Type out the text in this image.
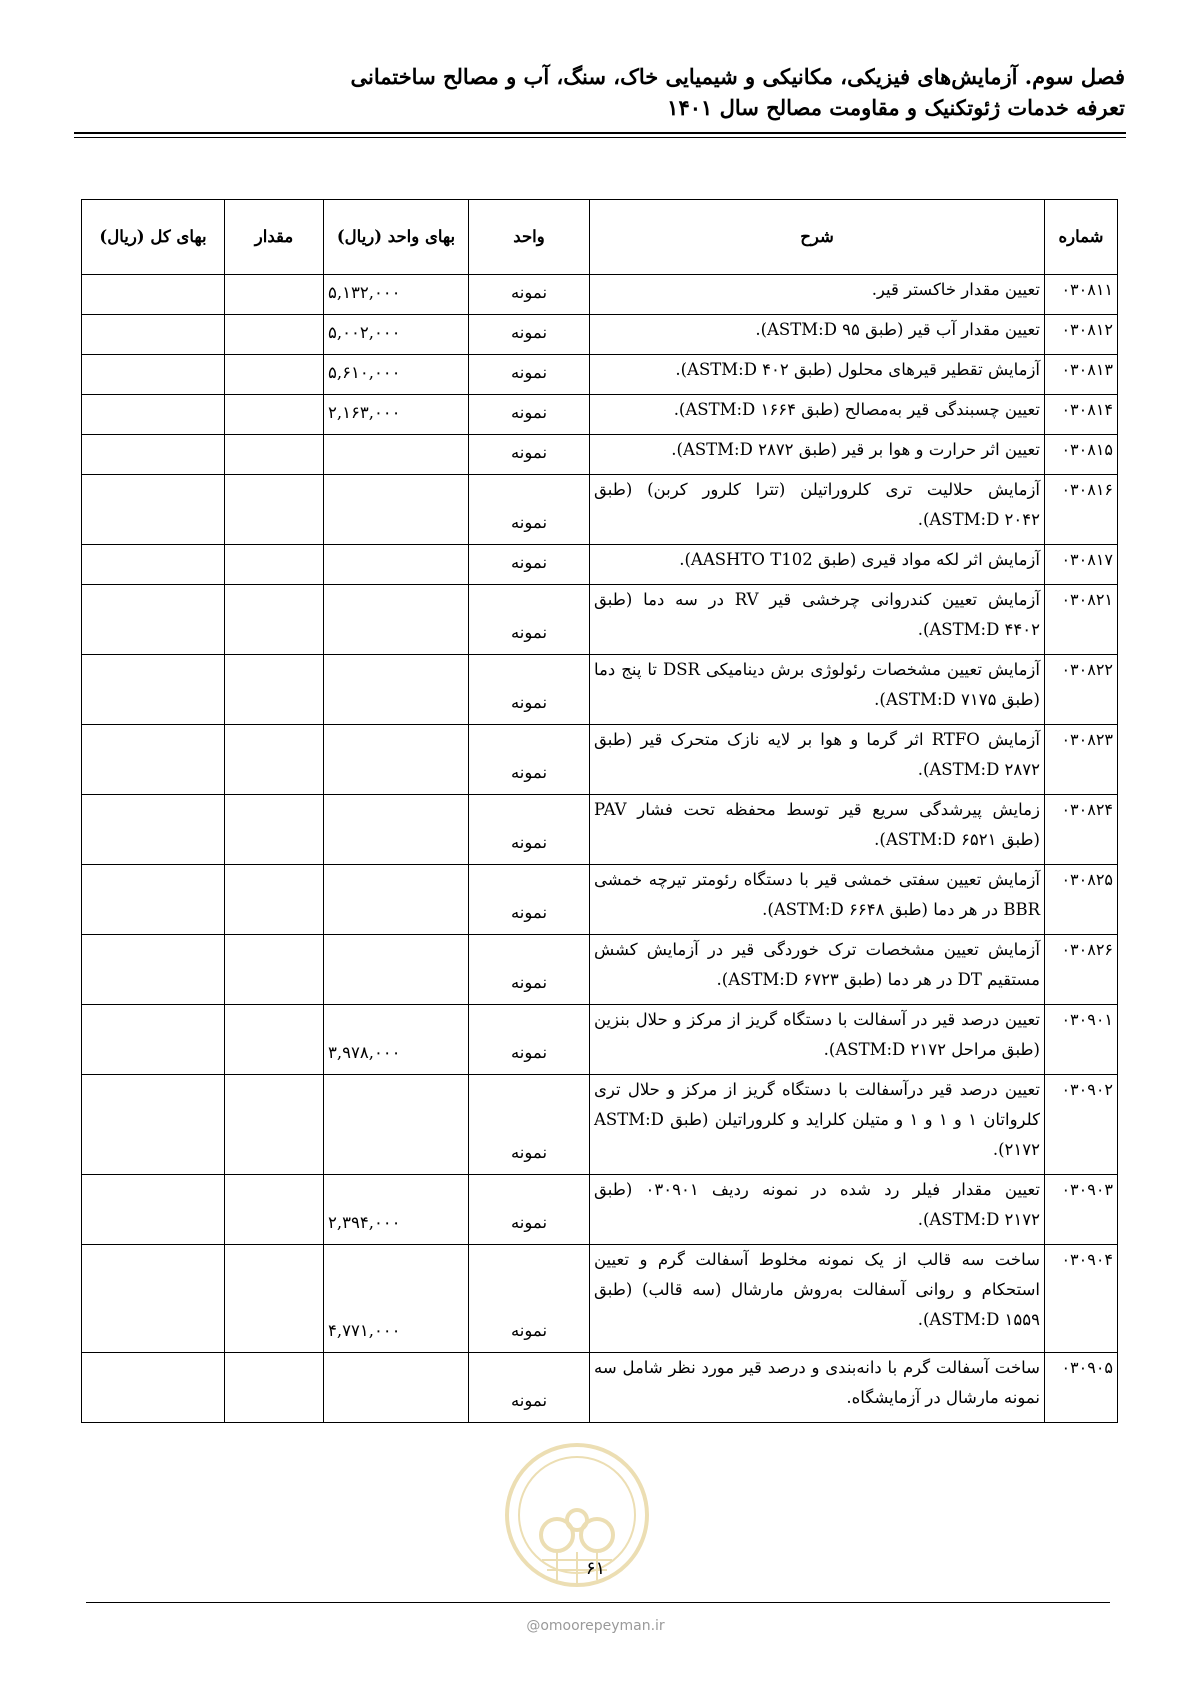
فصل سوم. آزمایش‌های فیزیکی، مکانیکی و شیمیایی خاک، سنگ، آب و مصالح ساختمانی
تعرفه خدمات ژئوتکنیک و مقاومت مصالح سال ۱۴۰۱
شماره	شرح	واحد	بهای واحد (ریال)	مقدار	بهای کل (ریال)
۰۳۰۸۱۱	تعیین مقدار خاکستر قیر.	نمونه	۵,۱۳۲,۰۰۰		
۰۳۰۸۱۲	تعیین مقدار آب قیر (طبق ASTM:D ۹۵).	نمونه	۵,۰۰۲,۰۰۰		
۰۳۰۸۱۳	آزمایش تقطیر قیرهای محلول (طبق ASTM:D ۴۰۲).	نمونه	۵,۶۱۰,۰۰۰		
۰۳۰۸۱۴	تعیین چسبندگی قیر به‌مصالح (طبق ASTM:D ۱۶۶۴).	نمونه	۲,۱۶۳,۰۰۰		
۰۳۰۸۱۵	تعیین اثر حرارت و هوا بر قیر (طبق ASTM:D ۲۸۷۲).	نمونه			
۰۳۰۸۱۶	آزمایش حلالیت تری کلروراتیلن (تترا کلرور کربن) (طبق ASTM:D ۲۰۴۲).	نمونه			
۰۳۰۸۱۷	آزمایش اثر لکه مواد قیری (طبق AASHTO T102).	نمونه			
۰۳۰۸۲۱	آزمایش تعیین کندروانی چرخشی قیر RV در سه دما (طبق ASTM:D ۴۴۰۲).	نمونه			
۰۳۰۸۲۲	آزمایش تعیین مشخصات رئولوژی برش دینامیکی DSR تا پنج دما (طبق ASTM:D ۷۱۷۵).	نمونه			
۰۳۰۸۲۳	آزمایش RTFO اثر گرما و هوا بر لایه نازک متحرک قیر (طبق ASTM:D ۲۸۷۲).	نمونه			
۰۳۰۸۲۴	زمایش پیرشدگی سریع قیر توسط محفظه تحت فشار PAV (طبق ASTM:D ۶۵۲۱).	نمونه			
۰۳۰۸۲۵	آزمایش تعیین سفتی خمشی قیر با دستگاه رئومتر تیرچه خمشی BBR در هر دما (طبق ASTM:D ۶۶۴۸).	نمونه			
۰۳۰۸۲۶	آزمایش تعیین مشخصات ترک خوردگی قیر در آزمایش کشش مستقیم DT در هر دما (طبق ASTM:D ۶۷۲۳).	نمونه			
۰۳۰۹۰۱	تعیین درصد قیر در آسفالت با دستگاه گریز از مرکز و حلال بنزین (طبق مراحل ASTM:D ۲۱۷۲).	نمونه	۳,۹۷۸,۰۰۰		
۰۳۰۹۰۲	تعیین درصد قیر درآسفالت با دستگاه گریز از مرکز و حلال تری کلرواتان ۱ و ۱ و ۱ و متیلن کلراید و کلروراتیلن (طبق ASTM:D ۲۱۷۲).	نمونه			
۰۳۰۹۰۳	تعیین مقدار فیلر رد شده در نمونه ردیف ۰۳۰۹۰۱ (طبق ASTM:D ۲۱۷۲).	نمونه	۲,۳۹۴,۰۰۰		
۰۳۰۹۰۴	ساخت سه قالب از یک نمونه مخلوط آسفالت گرم و تعیین استحکام و روانی آسفالت به‌روش مارشال (سه قالب) (طبق ASTM:D ۱۵۵۹).	نمونه	۴,۷۷۱,۰۰۰		
۰۳۰۹۰۵	ساخت آسفالت گرم با دانه‌بندی و درصد قیر مورد نظر شامل سه نمونه مارشال در آزمایشگاه.	نمونه			
۶۱
@omoorepeyman.ir
